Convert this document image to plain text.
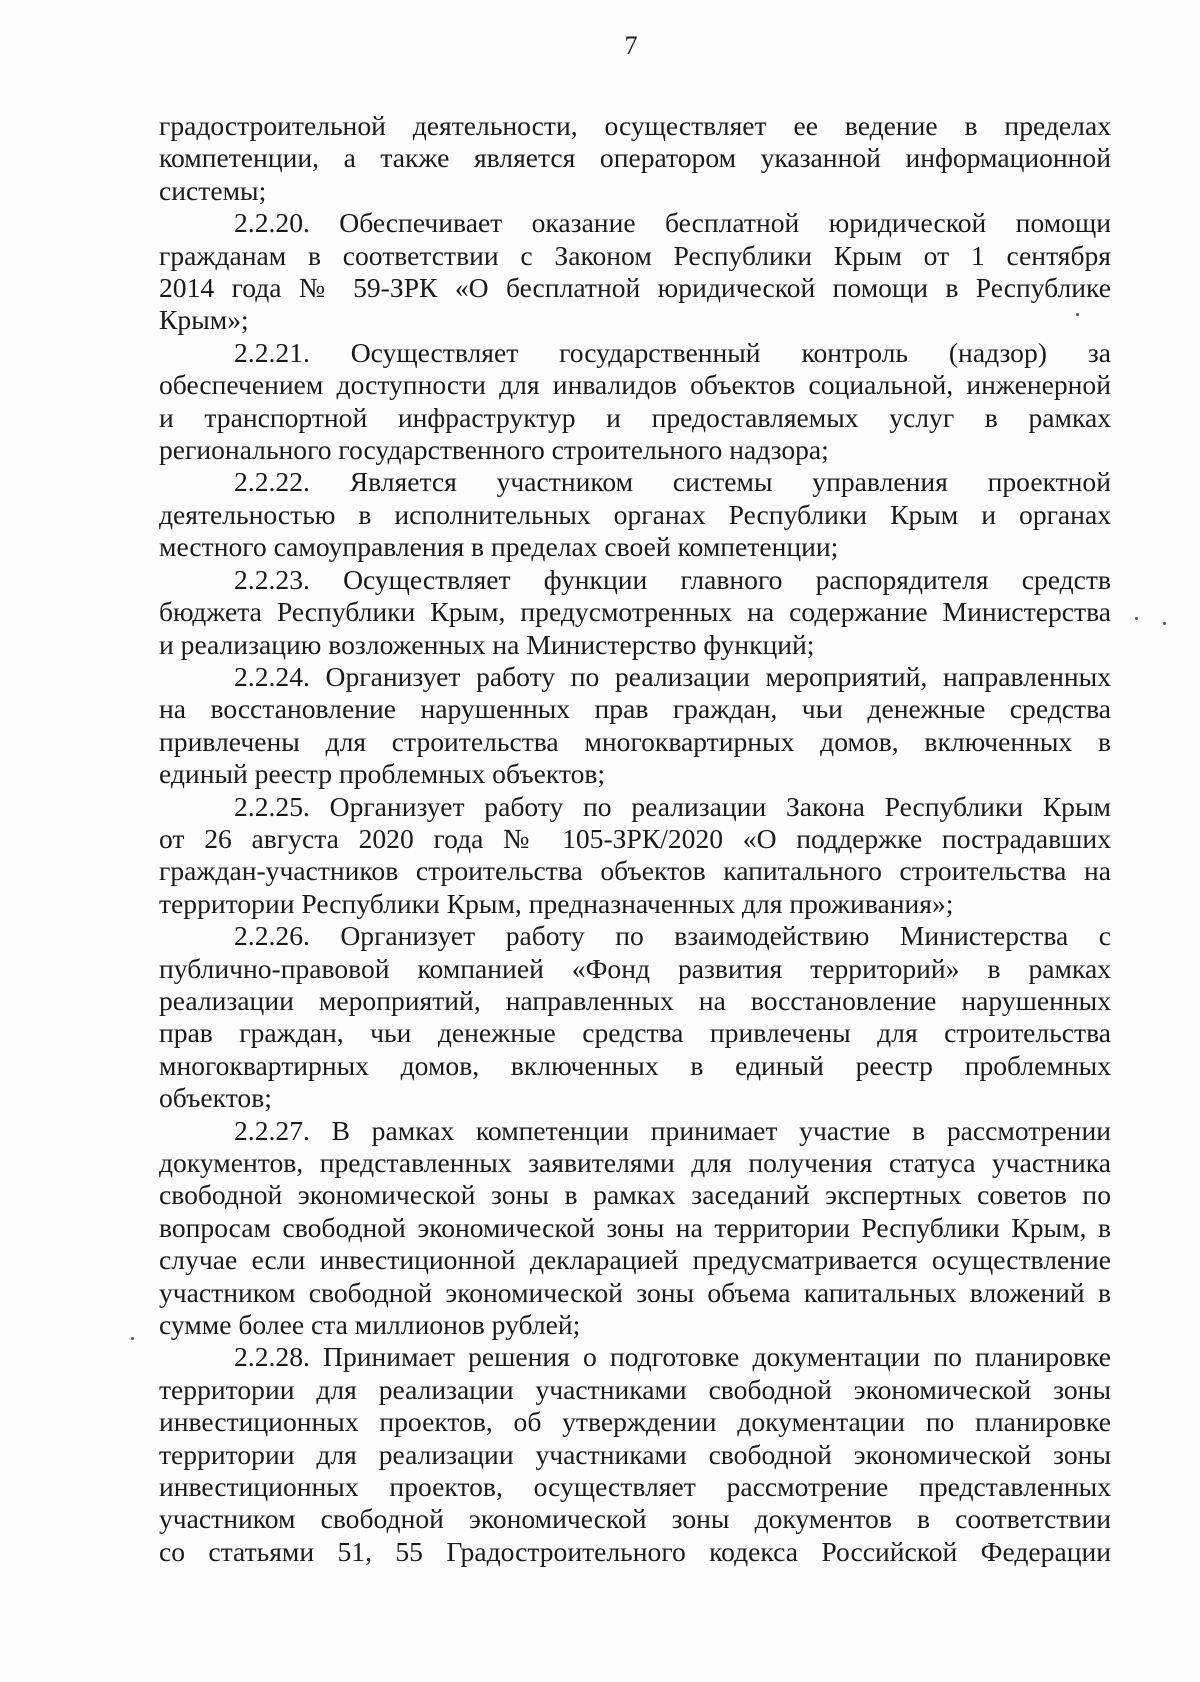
7
градостроительной деятельности, осуществляет ее ведение в пределах
компетенции, а также является оператором указанной информационной
системы;
2.2.20. Обеспечивает оказание бесплатной юридической помощи
гражданам в соответствии с Законом Республики Крым от 1 сентября
2014 года № 59-ЗРК «О бесплатной юридической помощи в Республике
Крым»;
2.2.21. Осуществляет государственный контроль (надзор) за
обеспечением доступности для инвалидов объектов социальной, инженерной
и транспортной инфраструктур и предоставляемых услуг в рамках
регионального государственного строительного надзора;
2.2.22. Является участником системы управления проектной
деятельностью в исполнительных органах Республики Крым и органах
местного самоуправления в пределах своей компетенции;
2.2.23. Осуществляет функции главного распорядителя средств
бюджета Республики Крым, предусмотренных на содержание Министерства
и реализацию возложенных на Министерство функций;
2.2.24. Организует работу по реализации мероприятий, направленных
на восстановление нарушенных прав граждан, чьи денежные средства
привлечены для строительства многоквартирных домов, включенных в
единый реестр проблемных объектов;
2.2.25. Организует работу по реализации Закона Республики Крым
от 26 августа 2020 года № 105-ЗРК/2020 «О поддержке пострадавших
граждан-участников строительства объектов капитального строительства на
территории Республики Крым, предназначенных для проживания»;
2.2.26. Организует работу по взаимодействию Министерства с
публично-правовой компанией «Фонд развития территорий» в рамках
реализации мероприятий, направленных на восстановление нарушенных
прав граждан, чьи денежные средства привлечены для строительства
многоквартирных домов, включенных в единый реестр проблемных
объектов;
2.2.27. В рамках компетенции принимает участие в рассмотрении
документов, представленных заявителями для получения статуса участника
свободной экономической зоны в рамках заседаний экспертных советов по
вопросам свободной экономической зоны на территории Республики Крым, в
случае если инвестиционной декларацией предусматривается осуществление
участником свободной экономической зоны объема капитальных вложений в
сумме более ста миллионов рублей;
2.2.28. Принимает решения о подготовке документации по планировке
территории для реализации участниками свободной экономической зоны
инвестиционных проектов, об утверждении документации по планировке
территории для реализации участниками свободной экономической зоны
инвестиционных проектов, осуществляет рассмотрение представленных
участником свободной экономической зоны документов в соответствии
со статьями 51, 55 Градостроительного кодекса Российской Федерации
